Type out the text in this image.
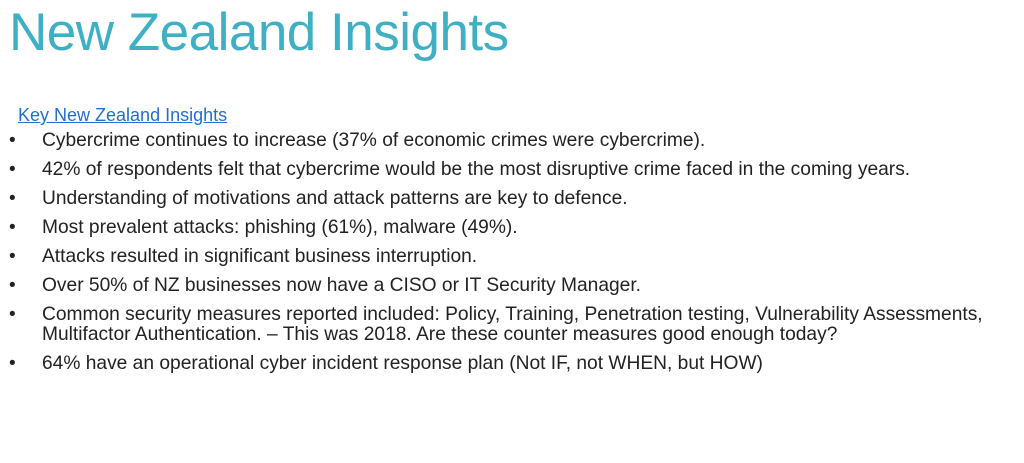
New Zealand Insights
Key New Zealand Insights
• Cybercrime continues to increase (37% of economic crimes were cybercrime).
• 42% of respondents felt that cybercrime would be the most disruptive crime faced in the coming years.
• Understanding of motivations and attack patterns are key to defence.
• Most prevalent attacks: phishing (61%), malware (49%).
• Attacks resulted in significant business interruption.
• Over 50% of NZ businesses now have a CISO or IT Security Manager.
• Common security measures reported included: Policy, Training, Penetration testing, Vulnerability Assessments, Multifactor Authentication. – This was 2018. Are these counter measures good enough today?
• 64% have an operational cyber incident response plan (Not IF, not WHEN, but HOW)
